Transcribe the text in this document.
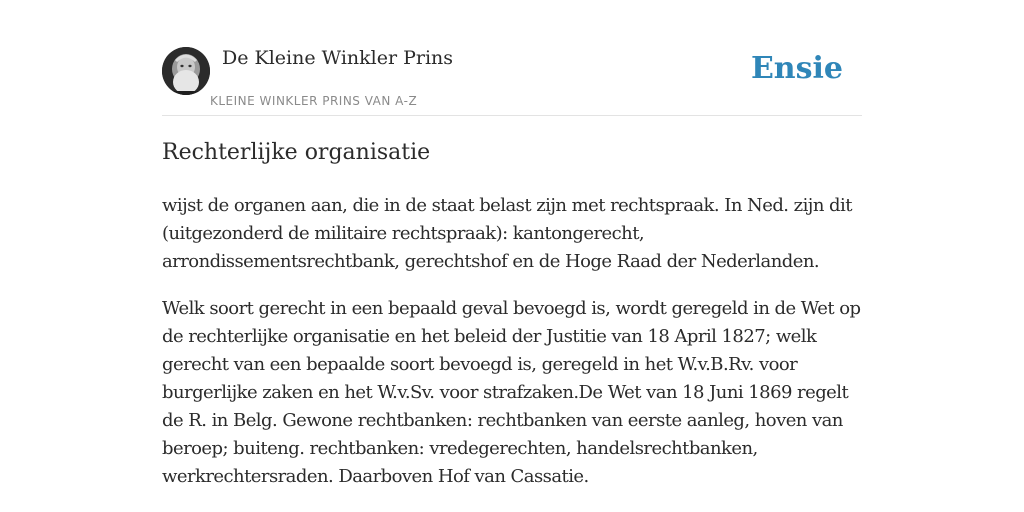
De Kleine Winkler Prins
KLEINE WINKLER PRINS VAN A-Z
Ensie
Rechterlijke organisatie

wijst de organen aan, die in de staat belast zijn met rechtspraak. In Ned. zijn dit (uitgezonderd de militaire rechtspraak): kantongerecht, arrondissementsrechtbank, gerechtshof en de Hoge Raad der Nederlanden.

Welk soort gerecht in een bepaald geval bevoegd is, wordt geregeld in de Wet op de rechterlijke organisatie en het beleid der Justitie van 18 April 1827; welk gerecht van een bepaalde soort bevoegd is, geregeld in het W.v.B.Rv. voor burgerlijke zaken en het W.v.Sv. voor strafzaken.De Wet van 18 Juni 1869 regelt de R. in Belg. Gewone rechtbanken: rechtbanken van eerste aanleg, hoven van beroep; buiteng. rechtbanken: vredegerechten, handelsrechtbanken, werkrechtersraden. Daarboven Hof van Cassatie.
